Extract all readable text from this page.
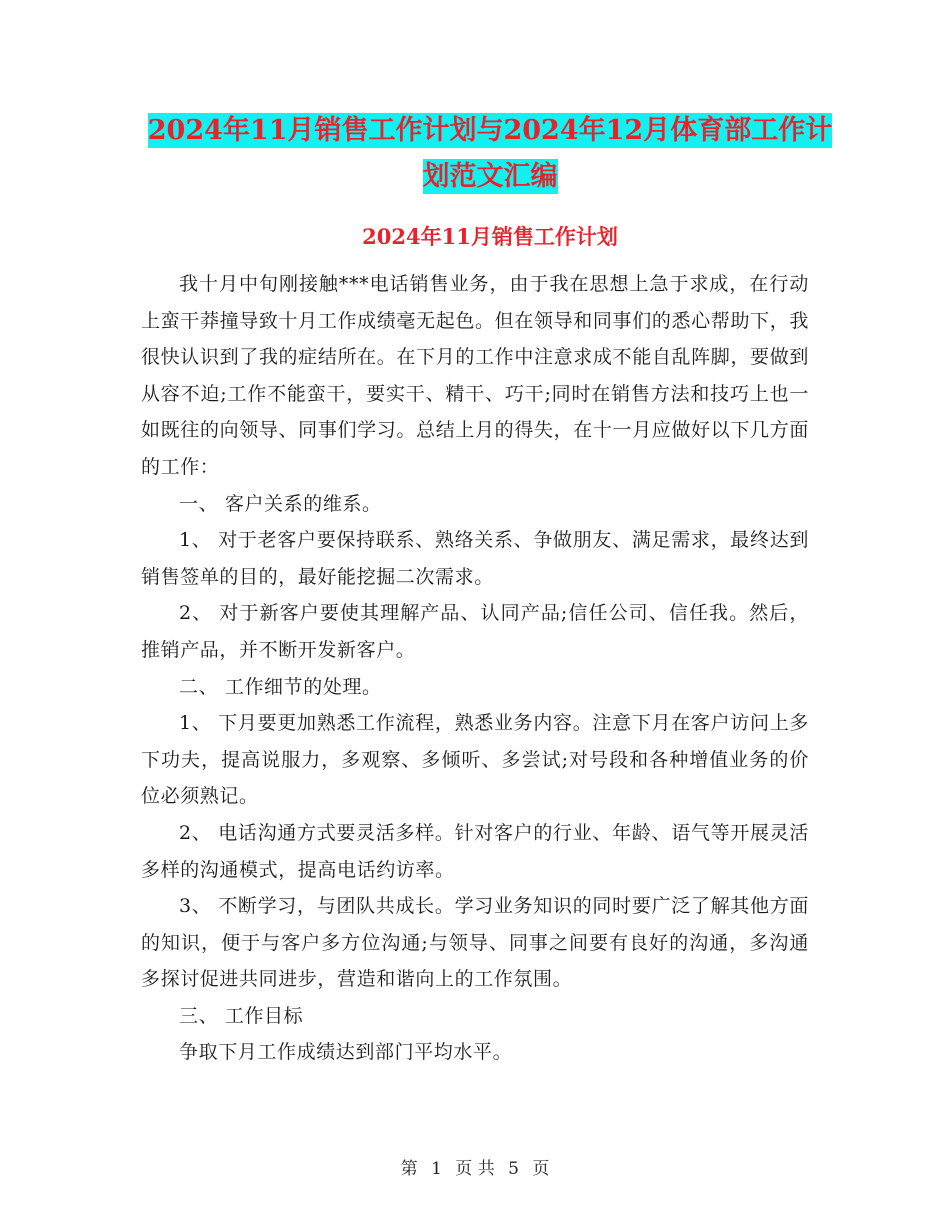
2024年11月销售工作计划与2024年12月体育部工作计划范文汇编
2024年11月销售工作计划

我十月中旬刚接触***电话销售业务，由于我在思想上急于求成，在行动上蛮干莽撞导致十月工作成绩毫无起色。但在领导和同事们的悉心帮助下，我很快认识到了我的症结所在。在下月的工作中注意求成不能自乱阵脚，要做到从容不迫;工作不能蛮干，要实干、精干、巧干;同时在销售方法和技巧上也一如既往的向领导、同事们学习。总结上月的得失，在十一月应做好以下几方面的工作：

一、 客户关系的维系。

1、 对于老客户要保持联系、熟络关系、争做朋友、满足需求，最终达到销售签单的目的，最好能挖掘二次需求。

2、 对于新客户要使其理解产品、认同产品;信任公司、信任我。然后，推销产品，并不断开发新客户。

二、 工作细节的处理。

1、 下月要更加熟悉工作流程，熟悉业务内容。注意下月在客户访问上多下功夫，提高说服力，多观察、多倾听、多尝试;对号段和各种增值业务的价位必须熟记。

2、 电话沟通方式要灵活多样。针对客户的行业、年龄、语气等开展灵活多样的沟通模式，提高电话约访率。

3、 不断学习，与团队共成长。学习业务知识的同时要广泛了解其他方面的知识，便于与客户多方位沟通;与领导、同事之间要有良好的沟通，多沟通多探讨促进共同进步，营造和谐向上的工作氛围。

三、 工作目标

争取下月工作成绩达到部门平均水平。

第 1 页 共 5 页
